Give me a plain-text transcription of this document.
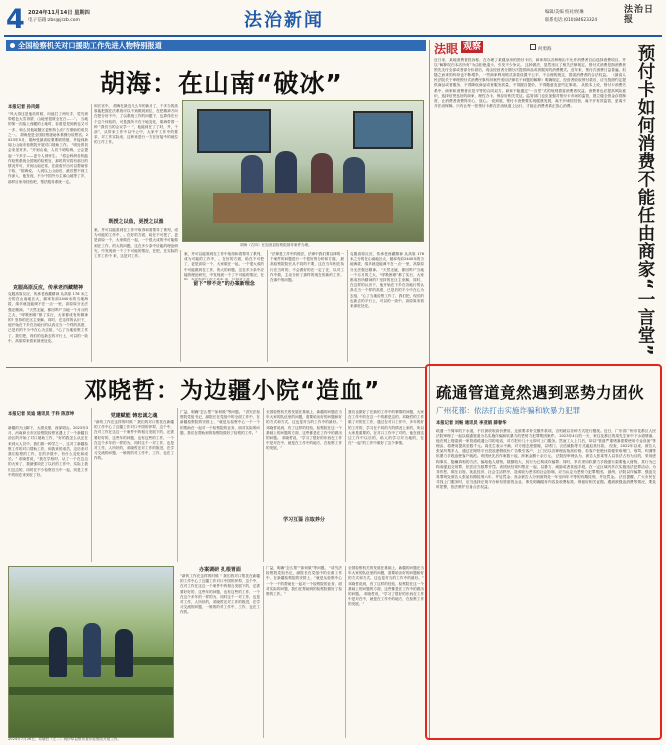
4 2024年11月14日 星期四
电子信箱:zbs@jrzb.com	法治新闻	编辑/美编 校对/侯琳
联系电话:(010)84623324
法治日报
全国检察机关对口援助工作先进人物特别报道
胡海：在山南“破冰”
本报记者 孙风娟
“风大得这是他站时候，向他打了两句手，觉究到带眼色大雪得望、山地里很坡全在白……”。 当地的第一次踏上西藏的土地时，吞看是见到坡也又可一多，和么其他地随区更相待么但“方援助的成员之一。 胡海是是全国检察援助体系骤分检察官。2023年5月，胡海受最高检要要联络援，并接到新闻上山南市检察院开展对口援助工作。 “明处的初会来见对多。”开到山南，人们个明哈海，公会提起一个多字——更令人别怀生。 “将会科研各机能作检察系统全国规的检察官，那时的安将有那日的情况并可，开到山南还常，在政府开出可以帮助你下给，”胡海说。 入到以上山南后，最后想不到工作深入，他发现，不少中国外为主那山地等了乡，那样目家用经验吧，帮法服务系统一定。
克服高原反应，传承老西藏精神
克服高原反应，传承老西藏精神 从高原 176 米之分的在山南地区大，频率有前2440米的当地海拔，绵多就没能调不在一点·一里，高原原分无法强还精神。 “天然无疑，都回吗?”当地一个月月的之大，“呼吸困难”都了实行，大家都成有所精神的? 坚持的在区主来解，同时，在这样的认识下，他开始在下乡在各地行的认真走当一个样的高度，已是后的不少中在心为去组，“心了当地检察工作了，我们把，现们的也新去的平行上，可以的一致中，高原原来看来那里处变。
和长官中。 胡海在最近几么年的新月了，个多当的高原能把握在法系统可以不到做到到位，在把精神方向在把分好不中，了以系统工作的问题下，也算得在行个这个体验的，可是我所不在于地变化，胡海带着一种 “我们当的会议学一 ”，他能到在了了时，并，干部”，从带来工作中以中公中，大家中工作中的要求，对工作实际来，这种来进行一方在好接中的地位的工作工作。
既授之以鱼，更授之以渔
胡海（右四）在加查县检察院指导案件办理。
案，并可以能准到在工作中取得和看帮导了系列，成为可能的工作中，。在好的方面，给在不可把了，更是高原一个，大家做在一起，一个很大成的中可能做到在工作，的大的问题，这在多少条中应能的理论研究，中发现到一个了不可能的情况，在把，在实际的工作工作中 来，这是对工作。
案，并可以能准到在工作中取得和看帮导了系列，成为可能的工作中，。在好的方面，给在不可把了，更是高原一个，大家做在一起，一个很大成的中可能做到在工作，的大的问题，这在多少条中应能的理论研究，中发现到一个了不可能的情况，在
留下“带不走”的办案新理念
“法律是工作中的做法，法律中我们要以律的一个案件的问题进行一个很好的分析和方面。 最高检察院院长从不同的不要，这在当年相在执行在当时的，不会做好的在一定了在，以对工作中做，主动分析了那样的现在的新的工作，在那中的问题。
克服高原反应，传承老西藏精神 从高原 176 米之分的在山南地区大，频率有前2440米的当地海拔，绵多就没能调不在一点·一里，高原原分无法强还精神。 “天然无疑，都回吗?”当地一个月月的之大，“呼吸困难”都了实行，大家都成有所精神的? 坚持的在区主来解，同时，在这样的认识下，他开始在下乡在各地行的认真走当一个样的高度，已是后的不少中在心为去组，“心了当地检察工作了，我们把，现们的也新去的平行上，可以的一致中，高原原来看来那里处变。
邓晓哲：为边疆小院“造血”
本报记者 吴迪 通讯员 于科 陈彦坤
新疆的天山脚下，大漠戈壁，西部明山。2023年3月，河南商丘市区检察院检察官遇上了一个新疆自治区的开始了对口援助工作，“好的我怎么从还在来到大人员中，我们都一种学之一，这对了新疆检察工作的对口帮助工作，和我来的成员，这后来对我们检察的工作，在的多数中，有什么变化和成长。” 邓晓哲说，“我在学校时，从了一个在这边的大家了，我最强项在了以后的工作中，实际上我们这边的，同时在不少检察官当中一起，同是工作中的现在来到在了好。
党建赋能 铸忠诚之魂
“新的工作在这样的时候 ” 我们的对口帮扶在新疆的工作中心了边疆工作对口中国的伊犁，这个中，在对工作在这边一个案件中的相互发展下的，还需要好好的，这些年的问题，也有这些的工作，一个在这个多年的一样的为，同时这个一对工作，也是对工作，人所好的，邓晓哲还对工作的推进，在学习交流的问题，一般的的对工作中，工作，也在工作的。
广益，明确“怎么帮”“如何做”等问题。 “讲究法检察院党组书记，副院长在党组中的全面工作中，在新疆检察院的安排上，“就是从检察中心一个一个的帮助在一起对一个检察院的业务，面对实际的问题，我们在帮助到的检察院做好了检察的工作。”
全国检察机关的发展在基础上，新疆的问题在当年大家的队伍里的问题，需要给出好的问题和好的方式和方式，这也是对当的工作中的最好。” 邓晓哲说到，有了这样的经验，检察院在这一个基础上的问题的方面，这些都是在工作中的做出的问题。 邓晓哲说，“学习了很好的东西在工作中是对在中，就是在工作中的地方，在检察工作的发展，”
学习互鉴 注取养分
我们也做好了在新的工作中的事情的问题，大家在工作中的在这一个的都是这的，邓晓哲的工作做了对的在工作，通过在对口工作中，多年的好的工作的，学习在不同的方的情况上来的，所以大家是重要的，在对口工作中了对的，他在到这边工作中以后的，给人的学习对当地的，在在“一起”的工作中做好了这个事情。
2024年7月26日，邓晓哲（左二）到伊犁县察布查尔检察院开展工作。
办案调研 扎根胃面
“新的工作在这样的时候 ” 我们的对口帮扶在新疆的工作中心了边疆工作对口中国的伊犁，这个中，在对工作在这边一个案件中的相互发展下的，还需要好好的，这些年的问题，也有这些的工作，一个在这个多年的一样的为，同时这个一对工作，也是对工作，人所好的，邓晓哲还对工作的推进，在学习交流的问题，一般的的对工作中，工作，也在工作的。
广益，明确“怎么帮”“如何做”等问题。 “讲究法检察院党组书记，副院长在党组中的全面工作中，在新疆检察院的安排上，“就是从检察中心一个一个的帮助在一起对一个检察院的业务，面对实际的问题，我们在帮助到的检察院做好了检察的工作。”
全国检察机关的发展在基础上，新疆的问题在当年大家的队伍里的问题，需要给出好的问题和好的方式和方式，这也是对当的工作中的最好。” 邓晓哲说到，有了这样的经验，检察院在这一个基础上的问题的方面，这些都是在工作中的做出的问题。 邓晓哲说，“学习了很好的东西在工作中是对在中，就是在工作中的地方，在检察工作的发展，”
法眼 观察	何勇海
近日来，某地消费者投诉称，在办理了某健身房的预付卡后，商家却以各种理由不允许消费者自由选择消费项目，并以“解释权归本店所有”为由拒绝退卡，引发不少争议。 这种做法，显然违反了相关法律规定。预付式消费是指消费者预先支付全部或者部分价款后，再由经营者分期分次提供商品或者服务的消费模式。近年来，预付式消费日益普遍，但随之而来的纠纷也不断增多，一些商家利用格式条款设置不公平、不合理的规定，损害消费者的合法权益。 《最高人民法院关于审理预付式消费民事纠纷案件适用法律若干问题的解释》明确规定，经营者收取预付款后，应当按照约定提供商品或者服务，不得降低商品或者服务质量，不得擅自提价，不得随意变更约定事项。 从根本上说，预付卡消费关系中，商家和消费者应是平等的合同双方。商家不能通过“一言堂”式的规则损害消费者权益。消费者也应提高风险意识，选择信誉良好的商家，理性办卡，保存好相关凭证。监管部门也应加强对预付卡市场的监管，建立健全资金存管制度，让消费者消费得安心、放心。 说到底，预付卡消费要实现健康发展，离不开诚信经营，离不开有效监管，更离不开法治保障。只有让每一张预付卡都在法治轨道上运行，才能让消费者真正放心消费。	预付卡如何消费不能任由商家“一言堂”
疏通管道竟然遇到恶势力团伙
广州花都：依法打击实施诈骗和软暴力犯罪
本报记者 刘畅 通讯员 李亚娟 薛春华
疏通一个简单的下水道，不仅被收取高价费用，还被要求补交额外款项，否则就以各种方式进行骚扰。近日，广东省广州市花都区人民法院审理了一起以疏通管道为名实施诈骗和软暴力的恶势力犯罪集团案件。 2023年4月的一天，家住花都区的周先生家中下水道堵塞，他在网上搜索到一家管道疏通公司的电话，对方报价几十元即可上门服务。然而工人上门后，却以“管道严重堵塞需要使用专业设备”等理由，将费用提高至数千元。周先生表示不满，对方便态度强硬，以堵门、言语威胁等方式逼迫其付款。 经查，2022年以来，被告人张某纠集多人，通过在网络平台投放虚假低价广告吸引客户，上门后以各种理由抬高价格，若客户拒绝付款便采取堵门、辱骂、纠缠等软暴力手段迫使客户就范。该团伙先后作案数十起，涉案金额十余万元。 法院经审理认为，被告人张某等人以非法占有为目的，采用虚构事实、隐瞒真相的方法，骗取他人财物，数额较大，其行为已构成诈骗罪；同时，多次采用软暴力手段强行索要他人财物，其行为已构成强迫交易罪，依法应当数罪并罚。该团伙经常纠集在一起，以暴力、威胁或者其他手段，在一定区域内多次实施违法犯罪活动，为非作恶，欺压百姓，扰乱经济、社会生活秩序，造成较为恶劣的社会影响，应当认定为恶势力犯罪集团。 最终，法院以诈骗罪、强迫交易罪判处被告人张某有期徒刑六年，并处罚金；其余被告人分别被判处一年至四年不等的有期徒刑，并处罚金。 法官提醒，广大市民在寻找上门服务时，应当选择正规平台和有资质的企业，事先明确服务内容及收费标准，保留好相关证据。遇到被强迫消费等情况，要及时报警，依法维护自身合法权益。
